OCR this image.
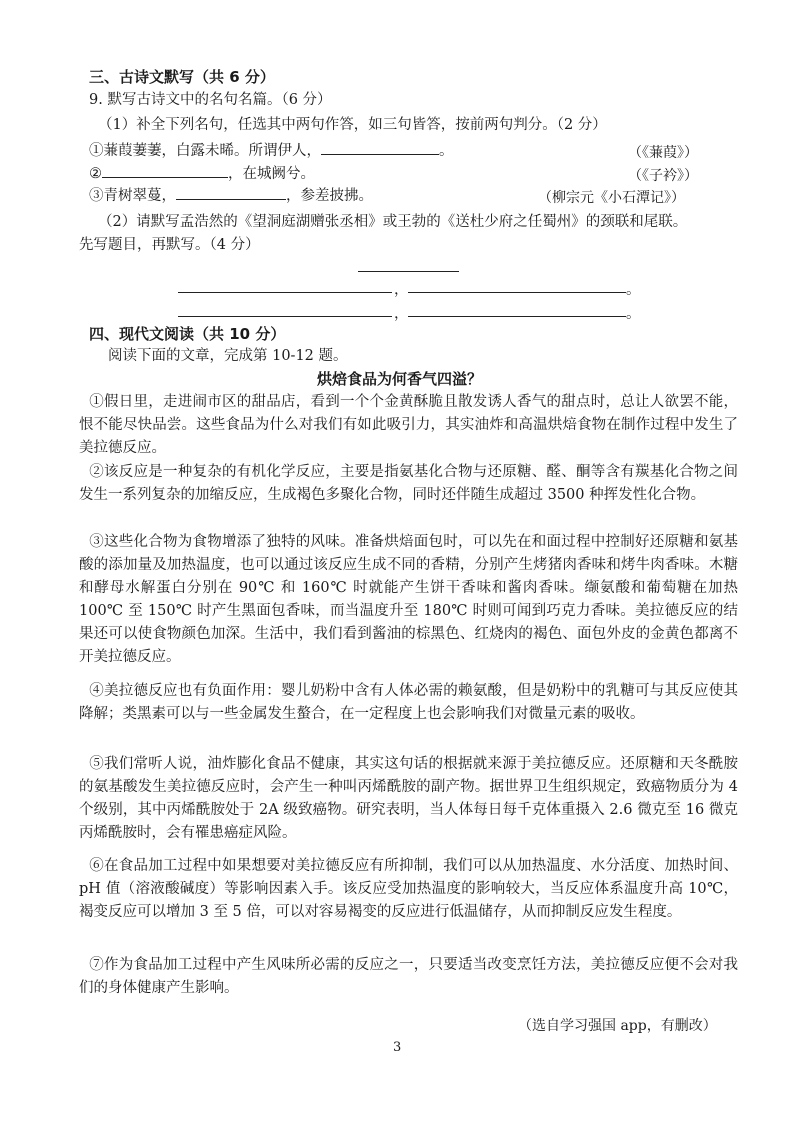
三、古诗文默写（共 6 分）
9. 默写古诗文中的名句名篇。（6 分）
（1）补全下列名句，任选其中两句作答，如三句皆答，按前两句判分。（2 分）
①蒹葭萋萋，白露未晞。所谓伊人，	。	（《蒹葭》）
②	，在城阙兮。	（《子衿》）
③青树翠蔓，	，参差披拂。	（柳宗元《小石潭记》）
（2）请默写孟浩然的《望洞庭湖赠张丞相》或王勃的《送杜少府之任蜀州》的颈联和尾联。
先写题目，再默写。（4 分）
，	。
，	。
四、现代文阅读（共 10 分）
阅读下面的文章，完成第 10-12 题。
烘焙食品为何香气四溢？
①假日里，走进闹市区的甜品店，看到一个个金黄酥脆且散发诱人香气的甜点时，总让人欲罢不能，恨不能尽快品尝。这些食品为什么对我们有如此吸引力，其实油炸和高温烘焙食物在制作过程中发生了美拉德反应。
②该反应是一种复杂的有机化学反应，主要是指氨基化合物与还原糖、醛、酮等含有羰基化合物之间发生一系列复杂的加缩反应，生成褐色多聚化合物，同时还伴随生成超过 3500 种挥发性化合物。
③这些化合物为食物增添了独特的风味。准备烘焙面包时，可以先在和面过程中控制好还原糖和氨基酸的添加量及加热温度，也可以通过该反应生成不同的香精，分别产生烤猪肉香味和烤牛肉香味。木糖和酵母水解蛋白分别在 90℃ 和 160℃ 时就能产生饼干香味和酱肉香味。缬氨酸和葡萄糖在加热 100℃ 至 150℃ 时产生黑面包香味，而当温度升至 180℃ 时则可闻到巧克力香味。美拉德反应的结果还可以使食物颜色加深。生活中，我们看到酱油的棕黑色、红烧肉的褐色、面包外皮的金黄色都离不开美拉德反应。
④美拉德反应也有负面作用：婴儿奶粉中含有人体必需的赖氨酸，但是奶粉中的乳糖可与其反应使其降解；类黑素可以与一些金属发生螯合，在一定程度上也会影响我们对微量元素的吸收。
⑤我们常听人说，油炸膨化食品不健康，其实这句话的根据就来源于美拉德反应。还原糖和天冬酰胺的氨基酸发生美拉德反应时，会产生一种叫丙烯酰胺的副产物。据世界卫生组织规定，致癌物质分为 4 个级别，其中丙烯酰胺处于 2A 级致癌物。研究表明，当人体每日每千克体重摄入 2.6 微克至 16 微克丙烯酰胺时，会有罹患癌症风险。
⑥在食品加工过程中如果想要对美拉德反应有所抑制，我们可以从加热温度、水分活度、加热时间、pH 值（溶液酸碱度）等影响因素入手。该反应受加热温度的影响较大，当反应体系温度升高 10℃，褐变反应可以增加 3 至 5 倍，可以对容易褐变的反应进行低温储存，从而抑制反应发生程度。
⑦作为食品加工过程中产生风味所必需的反应之一，只要适当改变烹饪方法，美拉德反应便不会对我们的身体健康产生影响。
（选自学习强国 app，有删改）
3
